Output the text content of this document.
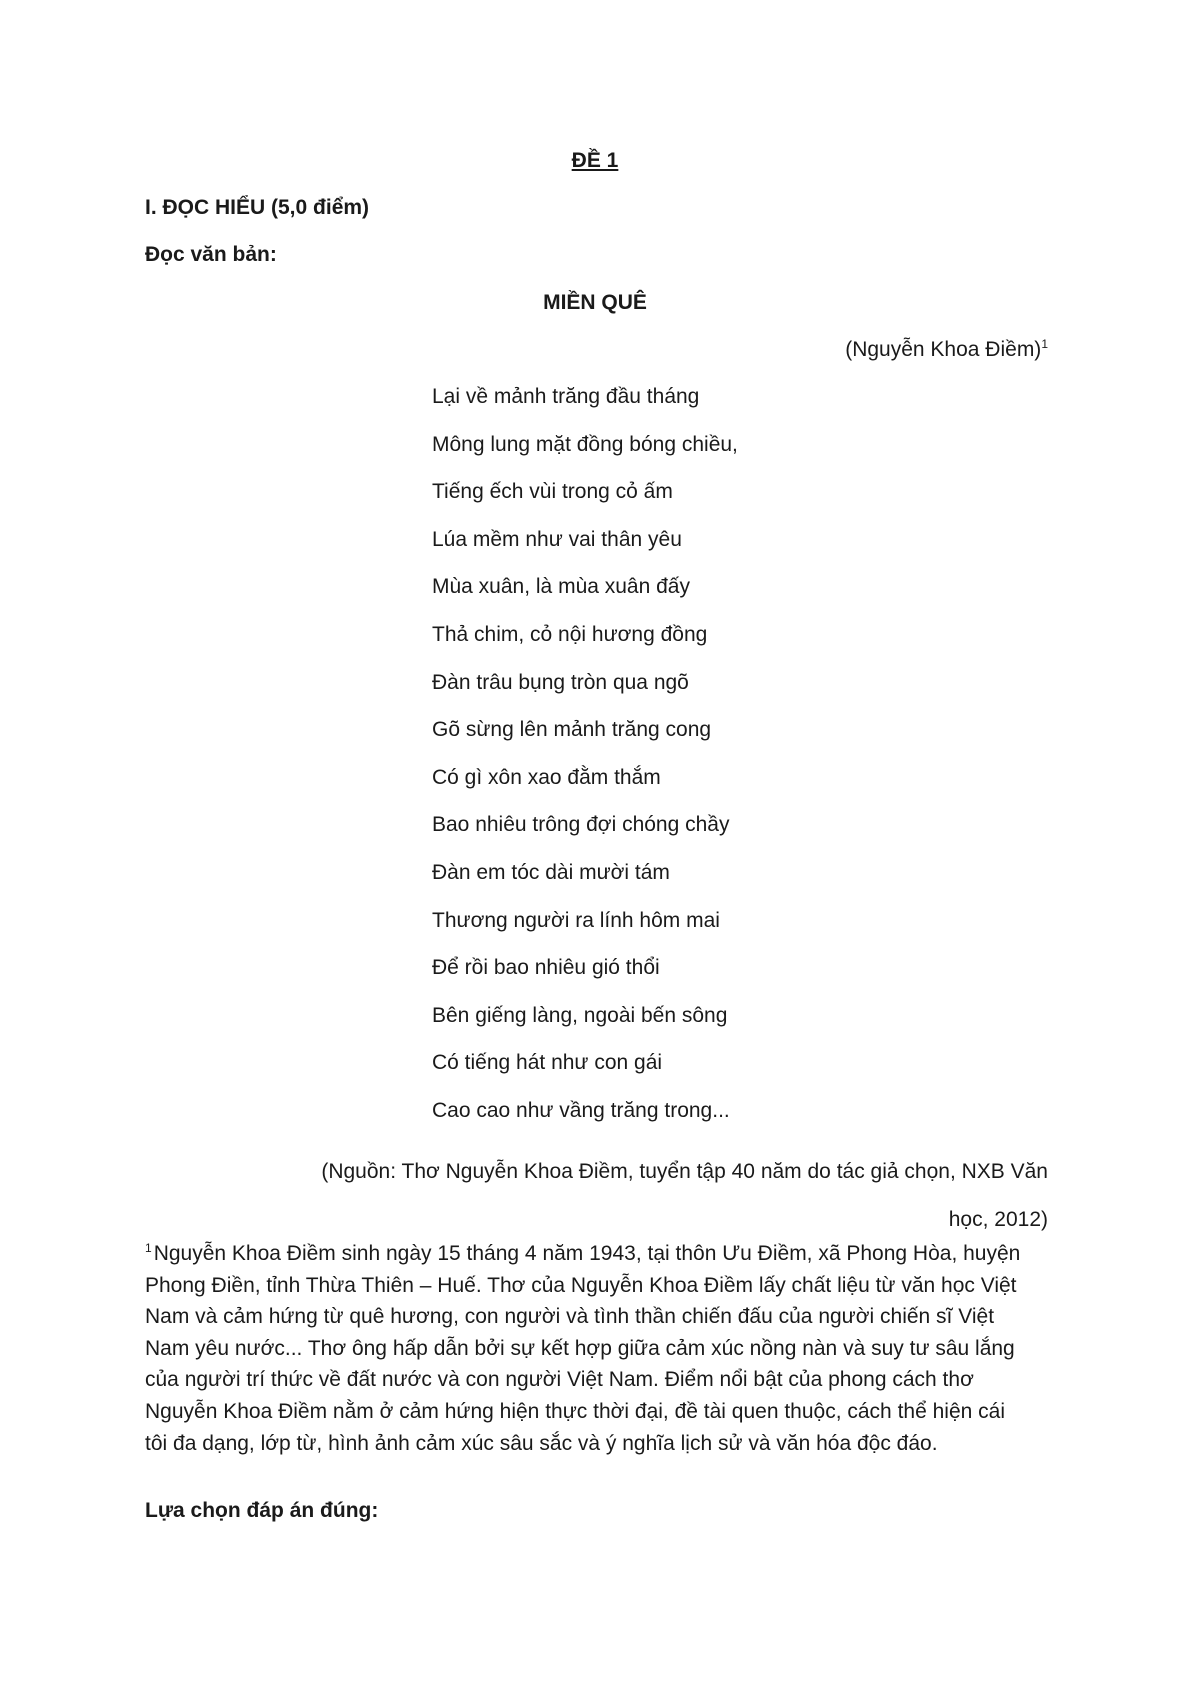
ĐỀ 1
I. ĐỌC HIỂU (5,0 điểm)
Đọc văn bản:
MIỀN QUÊ
(Nguyễn Khoa Điềm)$^1$
Lại về mảnh trăng đầu tháng
Mông lung mặt đồng bóng chiều,
Tiếng ếch vùi trong cỏ ấm
Lúa mềm như vai thân yêu
Mùa xuân, là mùa xuân đấy
Thả chim, cỏ nội hương đồng
Đàn trâu bụng tròn qua ngõ
Gõ sừng lên mảnh trăng cong
Có gì xôn xao đằm thắm
Bao nhiêu trông đợi chóng chầy
Đàn em tóc dài mười tám
Thương người ra lính hôm mai
Để rồi bao nhiêu gió thổi
Bên giếng làng, ngoài bến sông
Có tiếng hát như con gái
Cao cao như vầng trăng trong...
(Nguồn: Thơ Nguyễn Khoa Điềm, tuyển tập 40 năm do tác giả chọn, NXB Văn
học, 2012)
$^1$Nguyễn Khoa Điềm sinh ngày 15 tháng 4 năm 1943, tại thôn Ưu Điềm, xã Phong Hòa, huyện
Phong Điền, tỉnh Thừa Thiên – Huế. Thơ của Nguyễn Khoa Điềm lấy chất liệu từ văn học Việt
Nam và cảm hứng từ quê hương, con người và tình thần chiến đấu của người chiến sĩ Việt
Nam yêu nước... Thơ ông hấp dẫn bởi sự kết hợp giữa cảm xúc nồng nàn và suy tư sâu lắng
của người trí thức về đất nước và con người Việt Nam. Điểm nổi bật của phong cách thơ
Nguyễn Khoa Điềm nằm ở cảm hứng hiện thực thời đại, đề tài quen thuộc, cách thể hiện cái
tôi đa dạng, lớp từ, hình ảnh cảm xúc sâu sắc và ý nghĩa lịch sử và văn hóa độc đáo.
Lựa chọn đáp án đúng:
